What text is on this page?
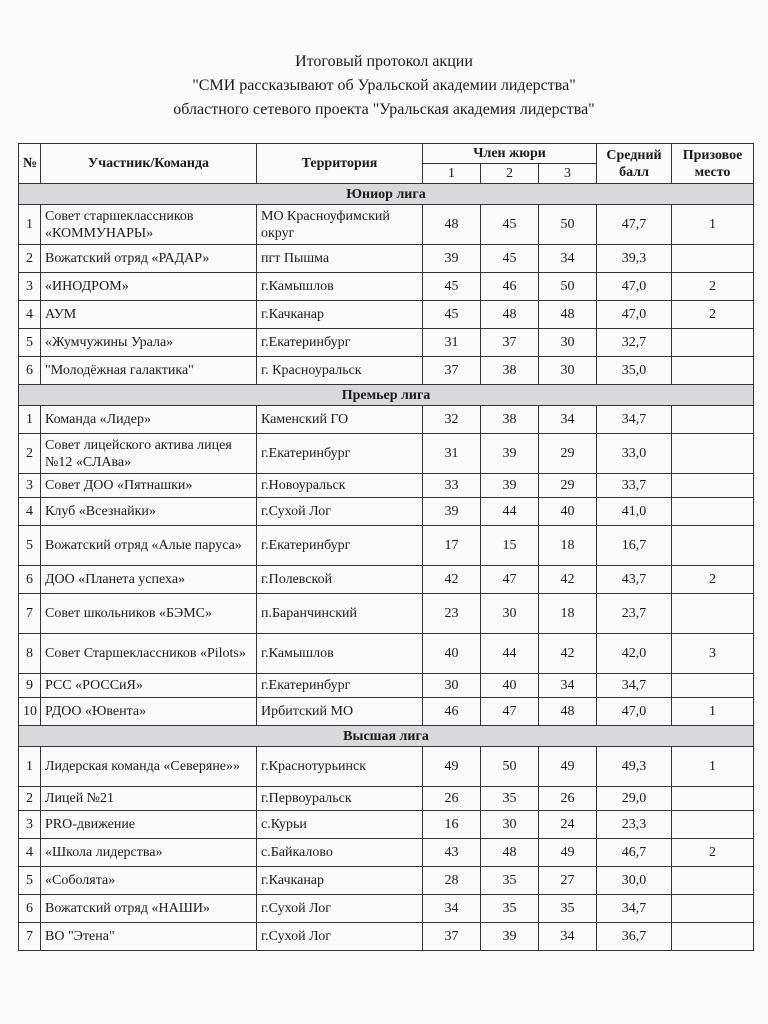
Итоговый протокол акции
"СМИ рассказывают об Уральской академии лидерства"
областного сетевого проекта "Уральская академия лидерства"
№	Участник/Команда	Территория	Член жюри			Средний балл	Призовое место
			1	2	3		
Юниор лига							
1	Совет старшеклассников «КОММУНАРЫ»	МО Красноуфимский округ	48	45	50	47,7	1
2	Вожатский отряд «РАДАР»	пгт Пышма	39	45	34	39,3	
3	«ИНОДРОМ»	г.Камышлов	45	46	50	47,0	2
4	АУМ	г.Качканар	45	48	48	47,0	2
5	«Жумчужины Урала»	г.Екатеринбург	31	37	30	32,7	
6	"Молодёжная галактика"	г. Красноуральск	37	38	30	35,0	
Премьер лига							
1	Команда «Лидер»	Каменский ГО	32	38	34	34,7	
2	Совет лицейского актива лицея №12 «СЛАва»	г.Екатеринбург	31	39	29	33,0	
3	Совет ДОО «Пятнашки»	г.Новоуральск	33	39	29	33,7	
4	Клуб «Всезнайки»	г.Сухой Лог	39	44	40	41,0	
5	Вожатский отряд «Алые паруса»	г.Екатеринбург	17	15	18	16,7	
6	ДОО «Планета успеха»	г.Полевской	42	47	42	43,7	2
7	Совет школьников «БЭМС»	п.Баранчинский	23	30	18	23,7	
8	Совет Старшеклассников «Pilots»	г.Камышлов	40	44	42	42,0	3
9	РСС «РОССиЯ»	г.Екатеринбург	30	40	34	34,7	
10	РДОО «Ювента»	Ирбитский МО	46	47	48	47,0	1
Высшая лига							
1	Лидерская команда «Северяне»»	г.Краснотурьинск	49	50	49	49,3	1
2	Лицей №21	г.Первоуральск	26	35	26	29,0	
3	PRO-движение	с.Курьи	16	30	24	23,3	
4	«Школа лидерства»	с.Байкалово	43	48	49	46,7	2
5	«Соболята»	г.Качканар	28	35	27	30,0	
6	Вожатский отряд «НАШИ»	г.Сухой Лог	34	35	35	34,7	
7	ВО "Этена"	г.Сухой Лог	37	39	34	36,7	
